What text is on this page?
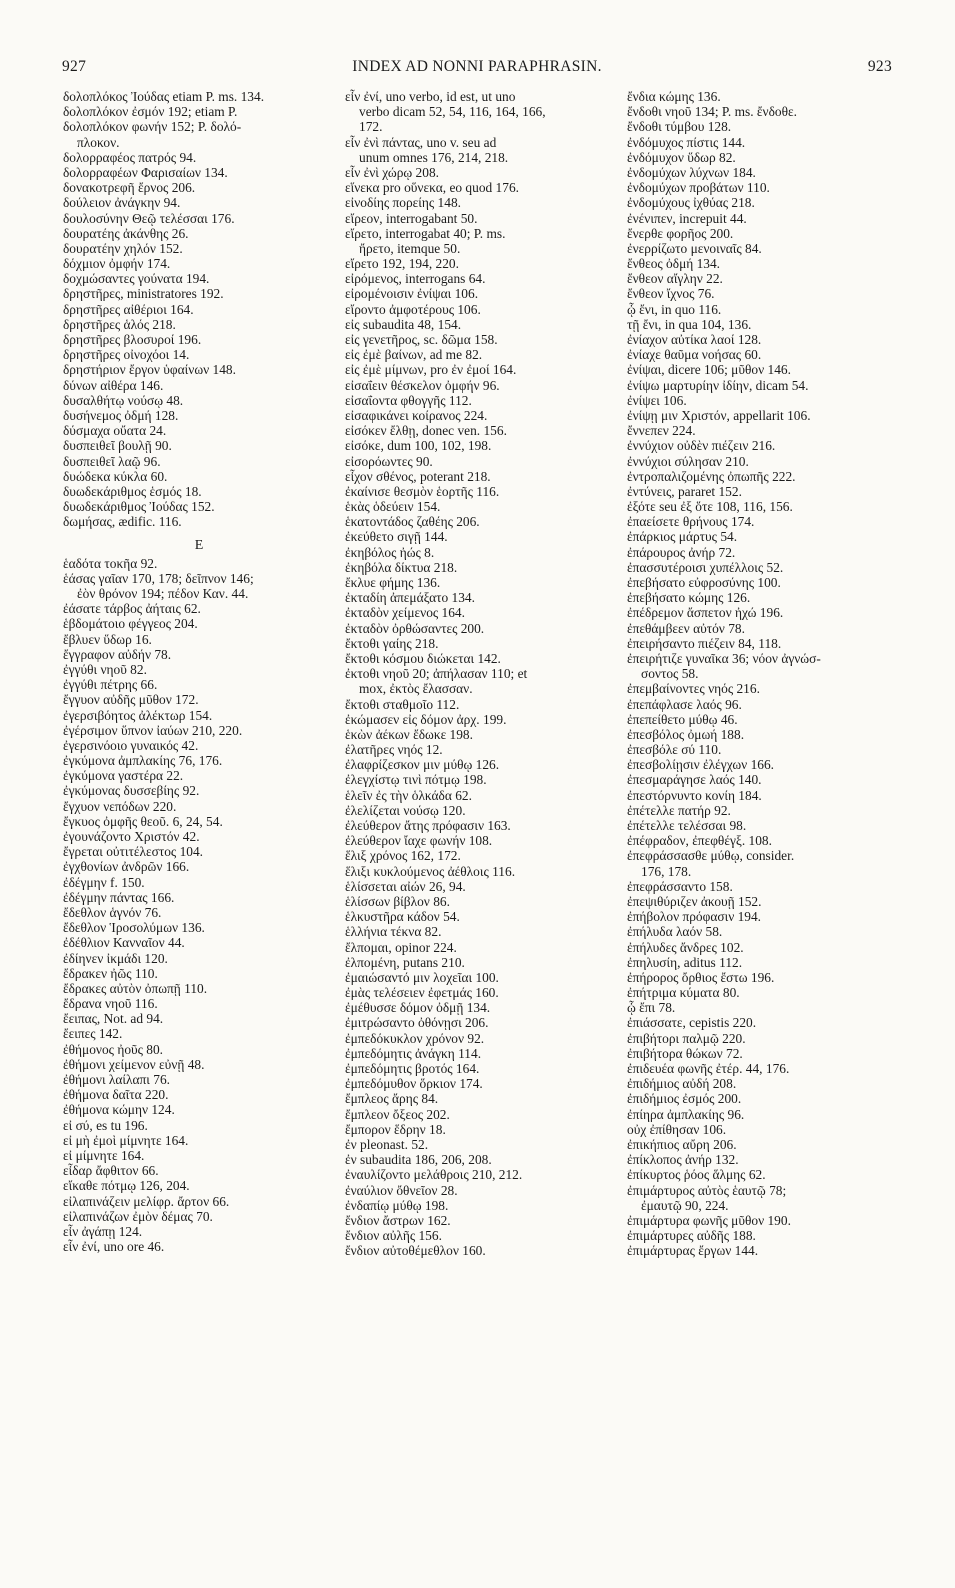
927	INDEX AD NONNI PARAPHRASIN.	923
δολοπλόκος Ἰούδας etiam P. ms. 134.
δολοπλόκον ἐσμόν 192; etiam P.
δολοπλόκον φωνήν 152; P. δολό-
πλοκον.
δολορραφέος πατρός 94.
δολορραφέων Φαρισαίων 134.
δονακοτρεφῆ ἔρνος 206.
δούλειον ἀνάγκην 94.
δουλοσύνην Θεῷ τελέσσαι 176.
δουρατέης ἀκάνθης 26.
δουρατέην χηλόν 152.
δόχμιον ὀμφήν 174.
δοχμώσαντες γούνατα 194.
δρηστῆρες, ministratores 192.
δρηστῆρες αἰθέριοι 164.
δρηστῆρες ἁλός 218.
δρηστῆρες βλοσυροί 196.
δρηστῆρες οἰνοχόοι 14.
δρηστήριον ἔργον ὑφαίνων 148.
δύνων αἰθέρα 146.
δυσαλθήτῳ νούσῳ 48.
δυσήνεμος ὀδμή 128.
δύσμαχα οὔατα 24.
δυσπειθεῖ βουλῇ 90.
δυσπειθεῖ λαῷ 96.
δυώδεκα κύκλα 60.
δυωδεκάριθμος ἑσμός 18.
δυωδεκάριθμος Ἰούδας 152.
δωμήσας, ædific. 116.
E
ἑαδότα τοκῆα 92.
ἑάσας γαῖαν 170, 178; δεῖπνον 146;
ἐὸν θρόνον 194; πέδον Καν. 44.
ἐάσατε τάρβος ἀήταις 62.
ἑβδομάτοιο φέγγεος 204.
ἔβλυεν ὕδωρ 16.
ἔγγραφον αὐδήν 78.
ἐγγύθι νηοῦ 82.
ἐγγύθι πέτρης 66.
ἔγγυον αὐδῆς μῦθον 172.
ἐγερσιβόητος ἀλέκτωρ 154.
ἐγέρσιμον ὕπνον ἰαύων 210, 220.
ἐγερσινόοιο γυναικός 42.
ἐγκύμονα ἀμπλακίης 76, 176.
ἐγκύμονα γαστέρα 22.
ἐγκύμονας δυσσεβίης 92.
ἔγχυον νεπόδων 220.
ἔγκυος ὀμφῆς θεοῦ. 6, 24, 54.
ἐγουνάζοντο Χριστόν 42.
ἔγρεται οὐτιτέλεστος 104.
ἐγχθονίων ἀνδρῶν 166.
ἐδέγμην f. 150.
ἐδέγμην πάντας 166.
ἔδεθλον ἁγνόν 76.
ἔδεθλον Ἱροσολύμων 136.
ἐδέθλιον Κανναῖον 44.
ἐδίηνεν ἰκμάδι 120.
ἔδρακεν ἠῶς 110.
ἔδρακες αὐτὸν ὀπωπῇ 110.
ἔδρανα νηοῦ 116.
ἔειπας, Not. ad 94.
ἔειπες 142.
ἐθήμονος ἠοῦς 80.
ἐθήμονι χείμενον εὐνῇ 48.
ἐθήμονι λαίλαπι 76.
ἐθήμονα δαῖτα 220.
ἐθήμονα κώμην 124.
εἰ σύ, es tu 196.
εἰ μὴ ἐμοὶ μίμνητε 164.
εἰ μίμνητε 164.
εἶδαρ ἄφθιτον 66.
εἴκαθε πότμῳ 126, 204.
εἰλαπινάζειν μελίφρ. ἄρτον 66.
εἰλαπινάζων ἐμὸν δέμας 70.
εἶν ἀγάπῃ 124.
εἶν ἐνί, uno ore 46.
εἶν ἐνί, uno verbo, id est, ut uno
verbo dicam 52, 54, 116, 164, 166,
172.
εἶν ἐνὶ πάντας, uno v. seu ad
unum omnes 176, 214, 218.
εἶν ἐνὶ χώρῳ 208.
εἵνεκα pro οὕνεκα, eo quod 176.
εἰνοδίης πορείης 148.
εἴρεον, interrogabant 50.
εἴρετο, interrogabat 40; P. ms.
ἤρετο, itemque 50.
εἴρετο 192, 194, 220.
εἰρόμενος, interrogans 64.
εἰρομένοισιν ἐνίψαι 106.
εἴροντο ἀμφοτέρους 106.
εἰς subaudita 48, 154.
εἰς γενετῆρος, sc. δῶμα 158.
εἰς ἐμὲ βαίνων, ad me 82.
εἰς ἐμὲ μίμνων, pro ἐν ἐμοί 164.
εἰσαΐειν θέσκελον ὀμφήν 96.
εἰσαΐοντα φθογγῆς 112.
εἰσαφικάνει κοίρανος 224.
εἰσόκεν ἔλθῃ, donec ven. 156.
εἰσόκε, dum 100, 102, 198.
εἰσορόωντες 90.
εἶχον σθένος, poterant 218.
ἐκαίνισε θεσμὸν ἑορτῆς 116.
ἑκὰς ὁδεύειν 154.
ἑκατοντάδος ζαθέης 206.
ἐκεύθετο σιγῇ 144.
ἐκηβόλος ἠώς 8.
ἐκηβόλα δίκτυα 218.
ἔκλυε φήμης 136.
ἐκταδίη ἀπεμάξατο 134.
ἐκταδὸν χείμενος 164.
ἐκταδὸν ὀρθώσαντες 200.
ἔκτοθι γαίης 218.
ἔκτοθι κόσμου διώκεται 142.
ἐκτοθι νηοῦ 20; ἀπήλασαν 110; et
mox, ἐκτὸς ἔλασσαν.
ἔκτοθι σταθμοῖο 112.
ἐκώμασεν εἰς δόμον ἀρχ. 199.
ἑκὼν ἀέκων ἔδωκε 198.
ἐλατῆρες νηός 12.
ἐλαφρίζεσκον μιν μύθῳ 126.
ἐλεγχίστῳ τινὶ πότμῳ 198.
ἑλεῖν ἐς τὴν ὁλκάδα 62.
ἐλελίζεται νούσῳ 120.
ἐλεύθερον ἄτης πρόφασιν 163.
ἐλεύθερον ἴαχε φωνήν 108.
ἕλιξ χρόνος 162, 172.
ἕλιξι κυκλούμενος ἀέθλοις 116.
ἑλίσσεται αἰών 26, 94.
ἑλίσσων βίβλον 86.
ἑλκυστῆρα κάδον 54.
ἑλλήνια τέκνα 82.
ἔλπομαι, opinor 224.
ἐλπομένη, putans 210.
ἐμαιώσαντό μιν λοχεῖαι 100.
ἐμὰς τελέσειεν ἐφετμάς 160.
ἐμέθυσσε δόμον ὀδμῇ 134.
ἐμιτρώσαντο ὀθόνῃσι 206.
ἐμπεδόκυκλον χρόνον 92.
ἐμπεδόμητις ἀνάγκη 114.
ἐμπεδόμητις βροτός 164.
ἐμπεδόμυθον ὅρκιον 174.
ἔμπλεος ἄρης 84.
ἔμπλεον ὄξεος 202.
ἔμπορον ἕδρην 18.
ἐν pleonast. 52.
ἐν subaudita 186, 206, 208.
ἐναυλίζοντο μελάθροις 210, 212.
ἐναύλιον ὄθνεῖον 28.
ἐνδαπίῳ μύθῳ 198.
ἔνδιον ἄστρων 162.
ἔνδιον αὐλῆς 156.
ἔνδιον αὐτοθέμεθλον 160.
ἔνδια κώμης 136.
ἔνδοθι νηοῦ 134; P. ms. ἔνδοθε.
ἔνδοθι τύμβου 128.
ἐνδόμυχος πίστις 144.
ἐνδόμυχον ὕδωρ 82.
ἐνδομύχων λύχνων 184.
ἐνδομύχων προβάτων 110.
ἐνδομύχους ἰχθύας 218.
ἐνένιπεν, increpuit 44.
ἔνερθε φορῆος 200.
ἐνερρίζωτο μενοιναῖς 84.
ἔνθεος ὀδμή 134.
ἔνθεον αἴγλην 22.
ἔνθεον ἴχνος 76.
ᾧ ἔνι, in quo 116.
τῇ ἔνι, in qua 104, 136.
ἐνίαχον αὐτίκα λαοί 128.
ἐνίαχε θαῦμα νοήσας 60.
ἐνίψαι, dicere 106; μῦθον 146.
ἐνίψω μαρτυρίην ἰδίην, dicam 54.
ἐνίψει 106.
ἐνίψῃ μιν Χριστόν, appellarit 106.
ἔννεπεν 224.
ἐννύχιον οὐδὲν πιέζειν 216.
ἐννύχιοι σύλησαν 210.
ἐντροπαλιζομένης ὀπωπῆς 222.
ἐντύνεις, pararet 152.
ἐξότε seu ἐξ ὅτε 108, 116, 156.
ἐπαείσετε θρήνους 174.
ἐπάρκιος μάρτυς 54.
ἐπάρουρος ἀνήρ 72.
ἐπασσυτέροισι χυπέλλοις 52.
ἐπεβήσατο εὐφροσύνης 100.
ἐπεβήσατο κώμης 126.
ἐπέδρεμον ἄσπετον ἠχώ 196.
ἐπεθάμβεεν αὐτόν 78.
ἐπειρήσαντο πιέζειν 84, 118.
ἐπειρήτιζε γυναῖκα 36; νόον ἀγνώσ-
σοντος 58.
ἐπεμβαίνοντες νηός 216.
ἐπεπάφλασε λαός 96.
ἐπεπείθετο μύθῳ 46.
ἐπεσβόλος ὀμωή 188.
ἐπεσβόλε σύ 110.
ἐπεσβολίῃσιν ἐλέγχων 166.
ἐπεσμαράγησε λαός 140.
ἐπεστόρνυντο κονίη 184.
ἐπέτελλε πατήρ 92.
ἐπέτελλε τελέσσαι 98.
ἐπέφραδον, ἐπεφθέγξ. 108.
ἐπεφράσσασθε μύθῳ, consider.
176, 178.
ἐπεφράσσαντο 158.
ἐπεψιθύριζεν ἀκουῇ 152.
ἐπήβολον πρόφασιν 194.
ἐπήλυδα λαόν 58.
ἐπήλυδες ἄνδρες 102.
ἐπηλυσίη, aditus 112.
ἐπήρορος ὄρθιος ἔστω 196.
ἐπήτριμα κύματα 80.
ᾧ ἔπι 78.
ἐπιάσσατε, cepistis 220.
ἐπιβήτορι παλμῷ 220.
ἐπιβήτορα θώκων 72.
ἐπιδευέα φωνῆς ἐτέρ. 44, 176.
ἐπιδήμιος αὐδή 208.
ἐπιδήμιος ἐσμός 200.
ἐπίηρα ἀμπλακίης 96.
οὐχ ἐπίθησαν 106.
ἐπικήπιος αὔρη 206.
ἐπίκλοπος ἀνήρ 132.
ἐπίκυρτος ῥόος ἅλμης 62.
ἐπιμάρτυρος αὐτὸς ἑαυτῷ 78;
ἐμαυτῷ 90, 224.
ἐπιμάρτυρα φωνῆς μῦθον 190.
ἐπιμάρτυρες αὐδῆς 188.
ἐπιμάρτυρας ἔργων 144.
